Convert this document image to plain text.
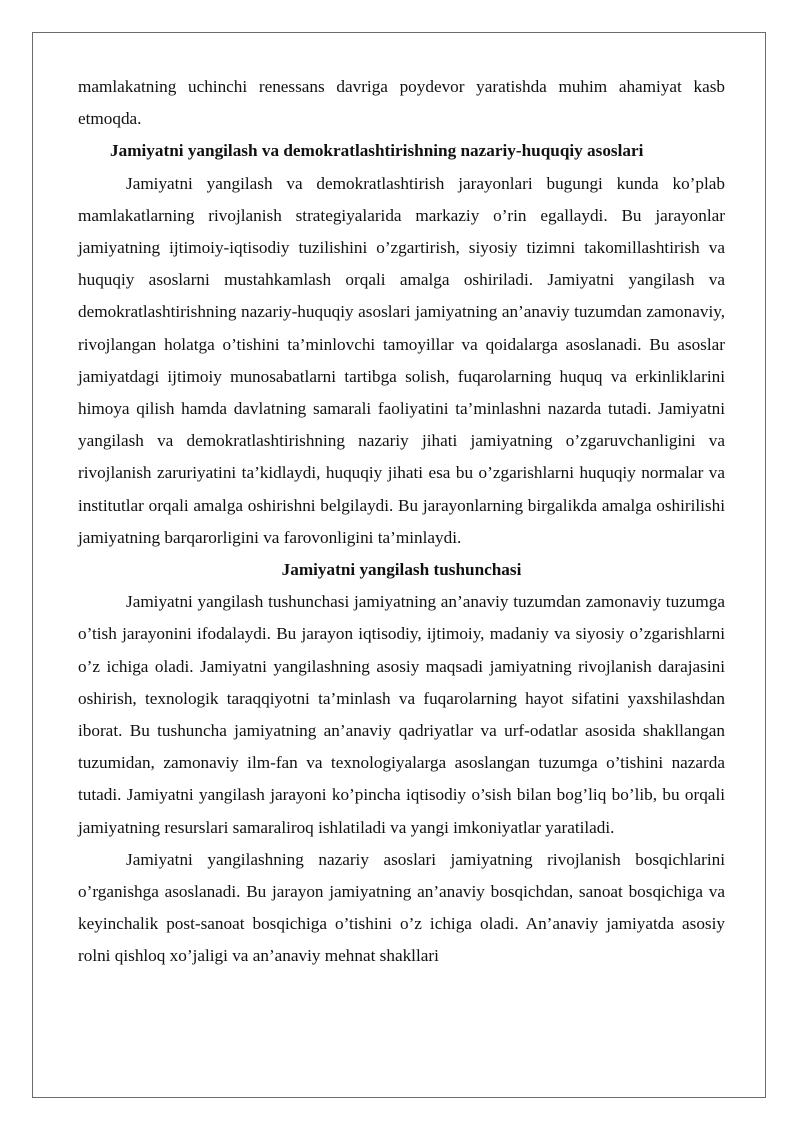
mamlakatning uchinchi renessans davriga poydevor yaratishda muhim ahamiyat kasb etmoqda.

Jamiyatni yangilash va demokratlashtirishning nazariy-huquqiy asoslari

Jamiyatni yangilash va demokratlashtirish jarayonlari bugungi kunda ko’plab mamlakatlarning rivojlanish strategiyalarida markaziy o’rin egallaydi. Bu jarayonlar jamiyatning ijtimoiy-iqtisodiy tuzilishini o’zgartirish, siyosiy tizimni takomillashtirish va huquqiy asoslarni mustahkamlash orqali amalga oshiriladi. Jamiyatni yangilash va demokratlashtirishning nazariy-huquqiy asoslari jamiyatning an’anaviy tuzumdan zamonaviy, rivojlangan holatga o’tishini ta’minlovchi tamoyillar va qoidalarga asoslanadi. Bu asoslar jamiyatdagi ijtimoiy munosabatlarni tartibga solish, fuqarolarning huquq va erkinliklarini himoya qilish hamda davlatning samarali faoliyatini ta’minlashni nazarda tutadi. Jamiyatni yangilash va demokratlashtirishning nazariy jihati jamiyatning o’zgaruvchanligini va rivojlanish zaruriyatini ta’kidlaydi, huquqiy jihati esa bu o’zgarishlarni huquqiy normalar va institutlar orqali amalga oshirishni belgilaydi. Bu jarayonlarning birgalikda amalga oshirilishi jamiyatning barqarorligini va farovonligini ta’minlaydi.

Jamiyatni yangilash tushunchasi

Jamiyatni yangilash tushunchasi jamiyatning an’anaviy tuzumdan zamonaviy tuzumga o’tish jarayonini ifodalaydi. Bu jarayon iqtisodiy, ijtimoiy, madaniy va siyosiy o’zgarishlarni o’z ichiga oladi. Jamiyatni yangilashning asosiy maqsadi jamiyatning rivojlanish darajasini oshirish, texnologik taraqqiyotni ta’minlash va fuqarolarning hayot sifatini yaxshilashdan iborat. Bu tushuncha jamiyatning an’anaviy qadriyatlar va urf-odatlar asosida shakllangan tuzumidan, zamonaviy ilm-fan va texnologiyalarga asoslangan tuzumga o’tishini nazarda tutadi. Jamiyatni yangilash jarayoni ko’pincha iqtisodiy o’sish bilan bog’liq bo’lib, bu orqali jamiyatning resurslari samaraliroq ishlatiladi va yangi imkoniyatlar yaratiladi.

Jamiyatni yangilashning nazariy asoslari jamiyatning rivojlanish bosqichlarini o’rganishga asoslanadi. Bu jarayon jamiyatning an’anaviy bosqichdan, sanoat bosqichiga va keyinchalik post-sanoat bosqichiga o’tishini o’z ichiga oladi. An’anaviy jamiyatda asosiy rolni qishloq xo’jaligi va an’anaviy mehnat shakllari
